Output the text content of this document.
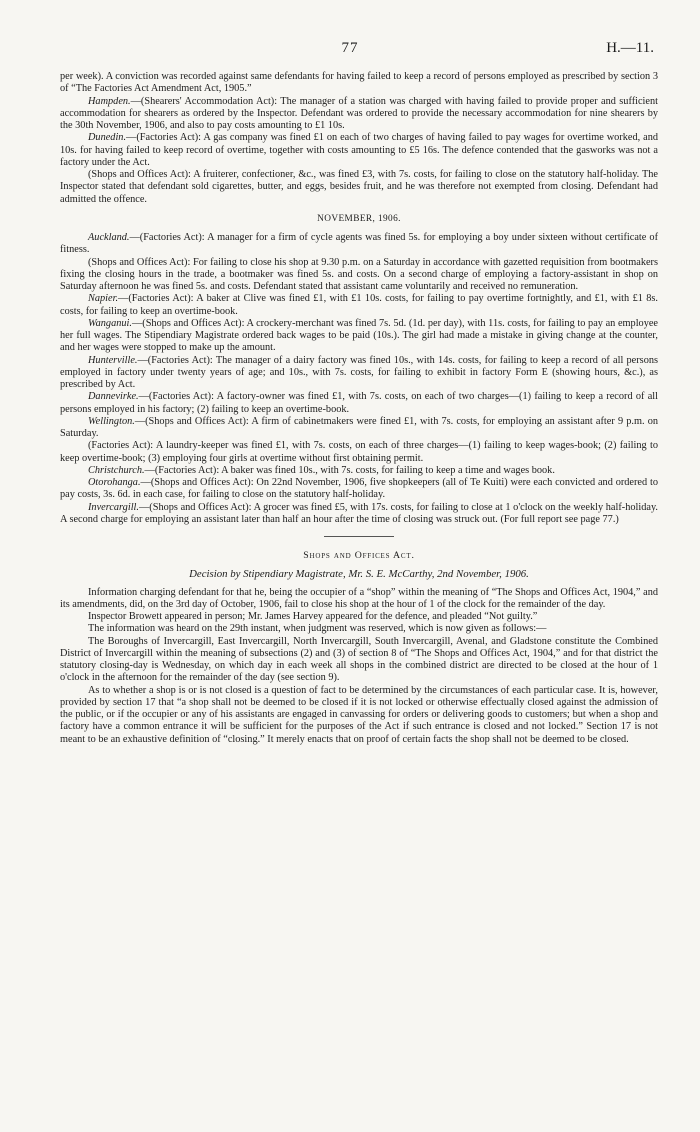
77	H.—11.

per week). A conviction was recorded against same defendants for having failed to keep a record of persons employed as prescribed by section 3 of “The Factories Act Amendment Act, 1905.”

Hampden.—(Shearers' Accommodation Act): The manager of a station was charged with having failed to provide proper and sufficient accommodation for shearers as ordered by the Inspector. Defendant was ordered to provide the necessary accommodation for nine shearers by the 30th November, 1906, and also to pay costs amounting to £1 10s.

Dunedin.—(Factories Act): A gas company was fined £1 on each of two charges of having failed to pay wages for overtime worked, and 10s. for having failed to keep record of overtime, together with costs amounting to £5 16s. The defence contended that the gasworks was not a factory under the Act.

(Shops and Offices Act): A fruiterer, confectioner, &c., was fined £3, with 7s. costs, for failing to close on the statutory half-holiday. The Inspector stated that defendant sold cigarettes, butter, and eggs, besides fruit, and he was therefore not exempted from closing. Defendant had admitted the offence.

NOVEMBER, 1906.

Auckland.—(Factories Act): A manager for a firm of cycle agents was fined 5s. for employing a boy under sixteen without certificate of fitness.

(Shops and Offices Act): For failing to close his shop at 9.30 p.m. on a Saturday in accordance with gazetted requisition from bootmakers fixing the closing hours in the trade, a bootmaker was fined 5s. and costs. On a second charge of employing a factory-assistant in shop on Saturday afternoon he was fined 5s. and costs. Defendant stated that assistant came voluntarily and received no remuneration.

Napier.—(Factories Act): A baker at Clive was fined £1, with £1 10s. costs, for failing to pay overtime fortnightly, and £1, with £1 8s. costs, for failing to keep an overtime-book.

Wanganui.—(Shops and Offices Act): A crockery-merchant was fined 7s. 5d. (1d. per day), with 11s. costs, for failing to pay an employee her full wages. The Stipendiary Magistrate ordered back wages to be paid (10s.). The girl had made a mistake in giving change at the counter, and her wages were stopped to make up the amount.

Hunterville.—(Factories Act): The manager of a dairy factory was fined 10s., with 14s. costs, for failing to keep a record of all persons employed in factory under twenty years of age; and 10s., with 7s. costs, for failing to exhibit in factory Form E (showing hours, &c.), as prescribed by Act.

Dannevirke.—(Factories Act): A factory-owner was fined £1, with 7s. costs, on each of two charges—(1) failing to keep a record of all persons employed in his factory; (2) failing to keep an overtime-book.

Wellington.—(Shops and Offices Act): A firm of cabinetmakers were fined £1, with 7s. costs, for employing an assistant after 9 p.m. on Saturday.

(Factories Act): A laundry-keeper was fined £1, with 7s. costs, on each of three charges—(1) failing to keep wages-book; (2) failing to keep overtime-book; (3) employing four girls at overtime without first obtaining permit.

Christchurch.—(Factories Act): A baker was fined 10s., with 7s. costs, for failing to keep a time and wages book.

Otorohanga.—(Shops and Offices Act): On 22nd November, 1906, five shopkeepers (all of Te Kuiti) were each convicted and ordered to pay costs, 3s. 6d. in each case, for failing to close on the statutory half-holiday.

Invercargill.—(Shops and Offices Act): A grocer was fined £5, with 17s. costs, for failing to close at 1 o'clock on the weekly half-holiday. A second charge for employing an assistant later than half an hour after the time of closing was struck out. (For full report see page 77.)

Shops and Offices Act.
Decision by Stipendiary Magistrate, Mr. S. E. McCarthy, 2nd November, 1906.

Information charging defendant for that he, being the occupier of a “shop” within the meaning of “The Shops and Offices Act, 1904,” and its amendments, did, on the 3rd day of October, 1906, fail to close his shop at the hour of 1 of the clock for the remainder of the day.

Inspector Browett appeared in person; Mr. James Harvey appeared for the defence, and pleaded “Not guilty.”

The information was heard on the 29th instant, when judgment was reserved, which is now given as follows:—

The Boroughs of Invercargill, East Invercargill, North Invercargill, South Invercargill, Avenal, and Gladstone constitute the Combined District of Invercargill within the meaning of subsections (2) and (3) of section 8 of “The Shops and Offices Act, 1904,” and for that district the statutory closing-day is Wednesday, on which day in each week all shops in the combined district are directed to be closed at the hour of 1 o'clock in the afternoon for the remainder of the day (see section 9).

As to whether a shop is or is not closed is a question of fact to be determined by the circumstances of each particular case. It is, however, provided by section 17 that “a shop shall not be deemed to be closed if it is not locked or otherwise effectually closed against the admission of the public, or if the occupier or any of his assistants are engaged in canvassing for orders or delivering goods to customers; but when a shop and factory have a common entrance it will be sufficient for the purposes of the Act if such entrance is closed and not locked.” Section 17 is not meant to be an exhaustive definition of “closing.” It merely enacts that on proof of certain facts the shop shall not be deemed to be closed.
